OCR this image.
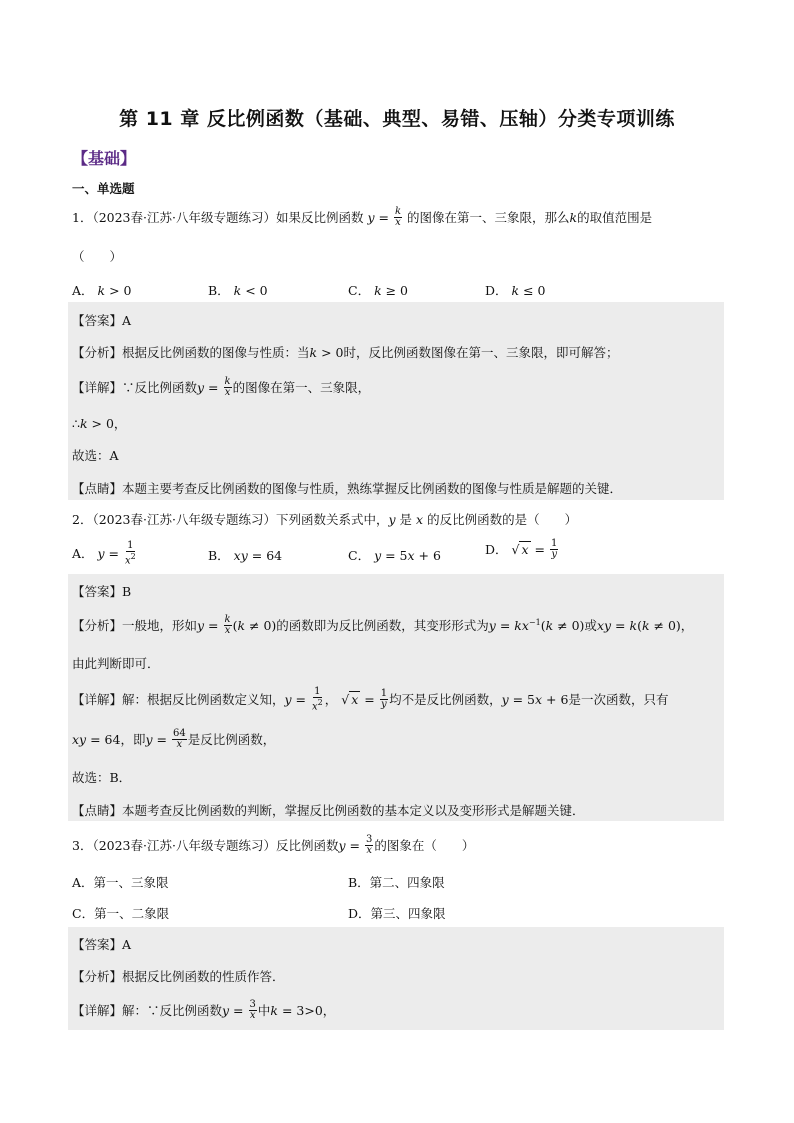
第 11 章 反比例函数（基础、典型、易错、压轴）分类专项训练
【基础】
一、单选题
1．（2023春·江苏·八年级专题练习）如果反比例函数 $y = \frac{k}{x}$ 的图像在第一、三象限，那么k的取值范围是
（　　）
A． k > 0	B． k < 0	C． k ≥ 0	D． k ≤ 0
【答案】A
【分析】根据反比例函数的图像与性质：当k > 0时，反比例函数图像在第一、三象限，即可解答；
【详解】∵反比例函数$y = \frac{k}{x}$ 的图像在第一、三象限，
∴k > 0，
故选：A
【点睛】本题主要考查反比例函数的图像与性质，熟练掌握反比例函数的图像与性质是解题的关键．
2．（2023春·江苏·八年级专题练习）下列函数关系式中，y 是 x 的反比例函数的是（　　）
A． $y = \frac{1}{x^2}$	B． xy = 64	C． y = 5x + 6	D． √ $x = \frac{1}{y}$
【答案】B
【分析】一般地，形如$y = \frac{k}{x} (k \ne 0)$的函数即为反比例函数，其变形形式为$y = kx^{-1}(k \ne 0)$或xy = k(k ≠ 0)，
由此判断即可．
【详解】解：根据反比例函数定义知，$y = \frac{1}{x^2}$ ， √ $x = \frac{1}{y}$ 均不是反比例函数，y = 5x + 6是一次函数，只有
xy = 64，即$y = \frac{64}{x}$ 是反比例函数，
故选：B．
【点睛】本题考查反比例函数的判断，掌握反比例函数的基本定义以及变形形式是解题关键．
3．（2023春·江苏·八年级专题练习）反比例函数$y = \frac{3}{x}$ 的图象在（　　）
A．第一、三象限	B．第二、四象限
C．第一、二象限	D．第三、四象限
【答案】A
【分析】根据反比例函数的性质作答．
【详解】解：∵反比例函数$y = \frac{3}{x}$ 中k = 3>0，
